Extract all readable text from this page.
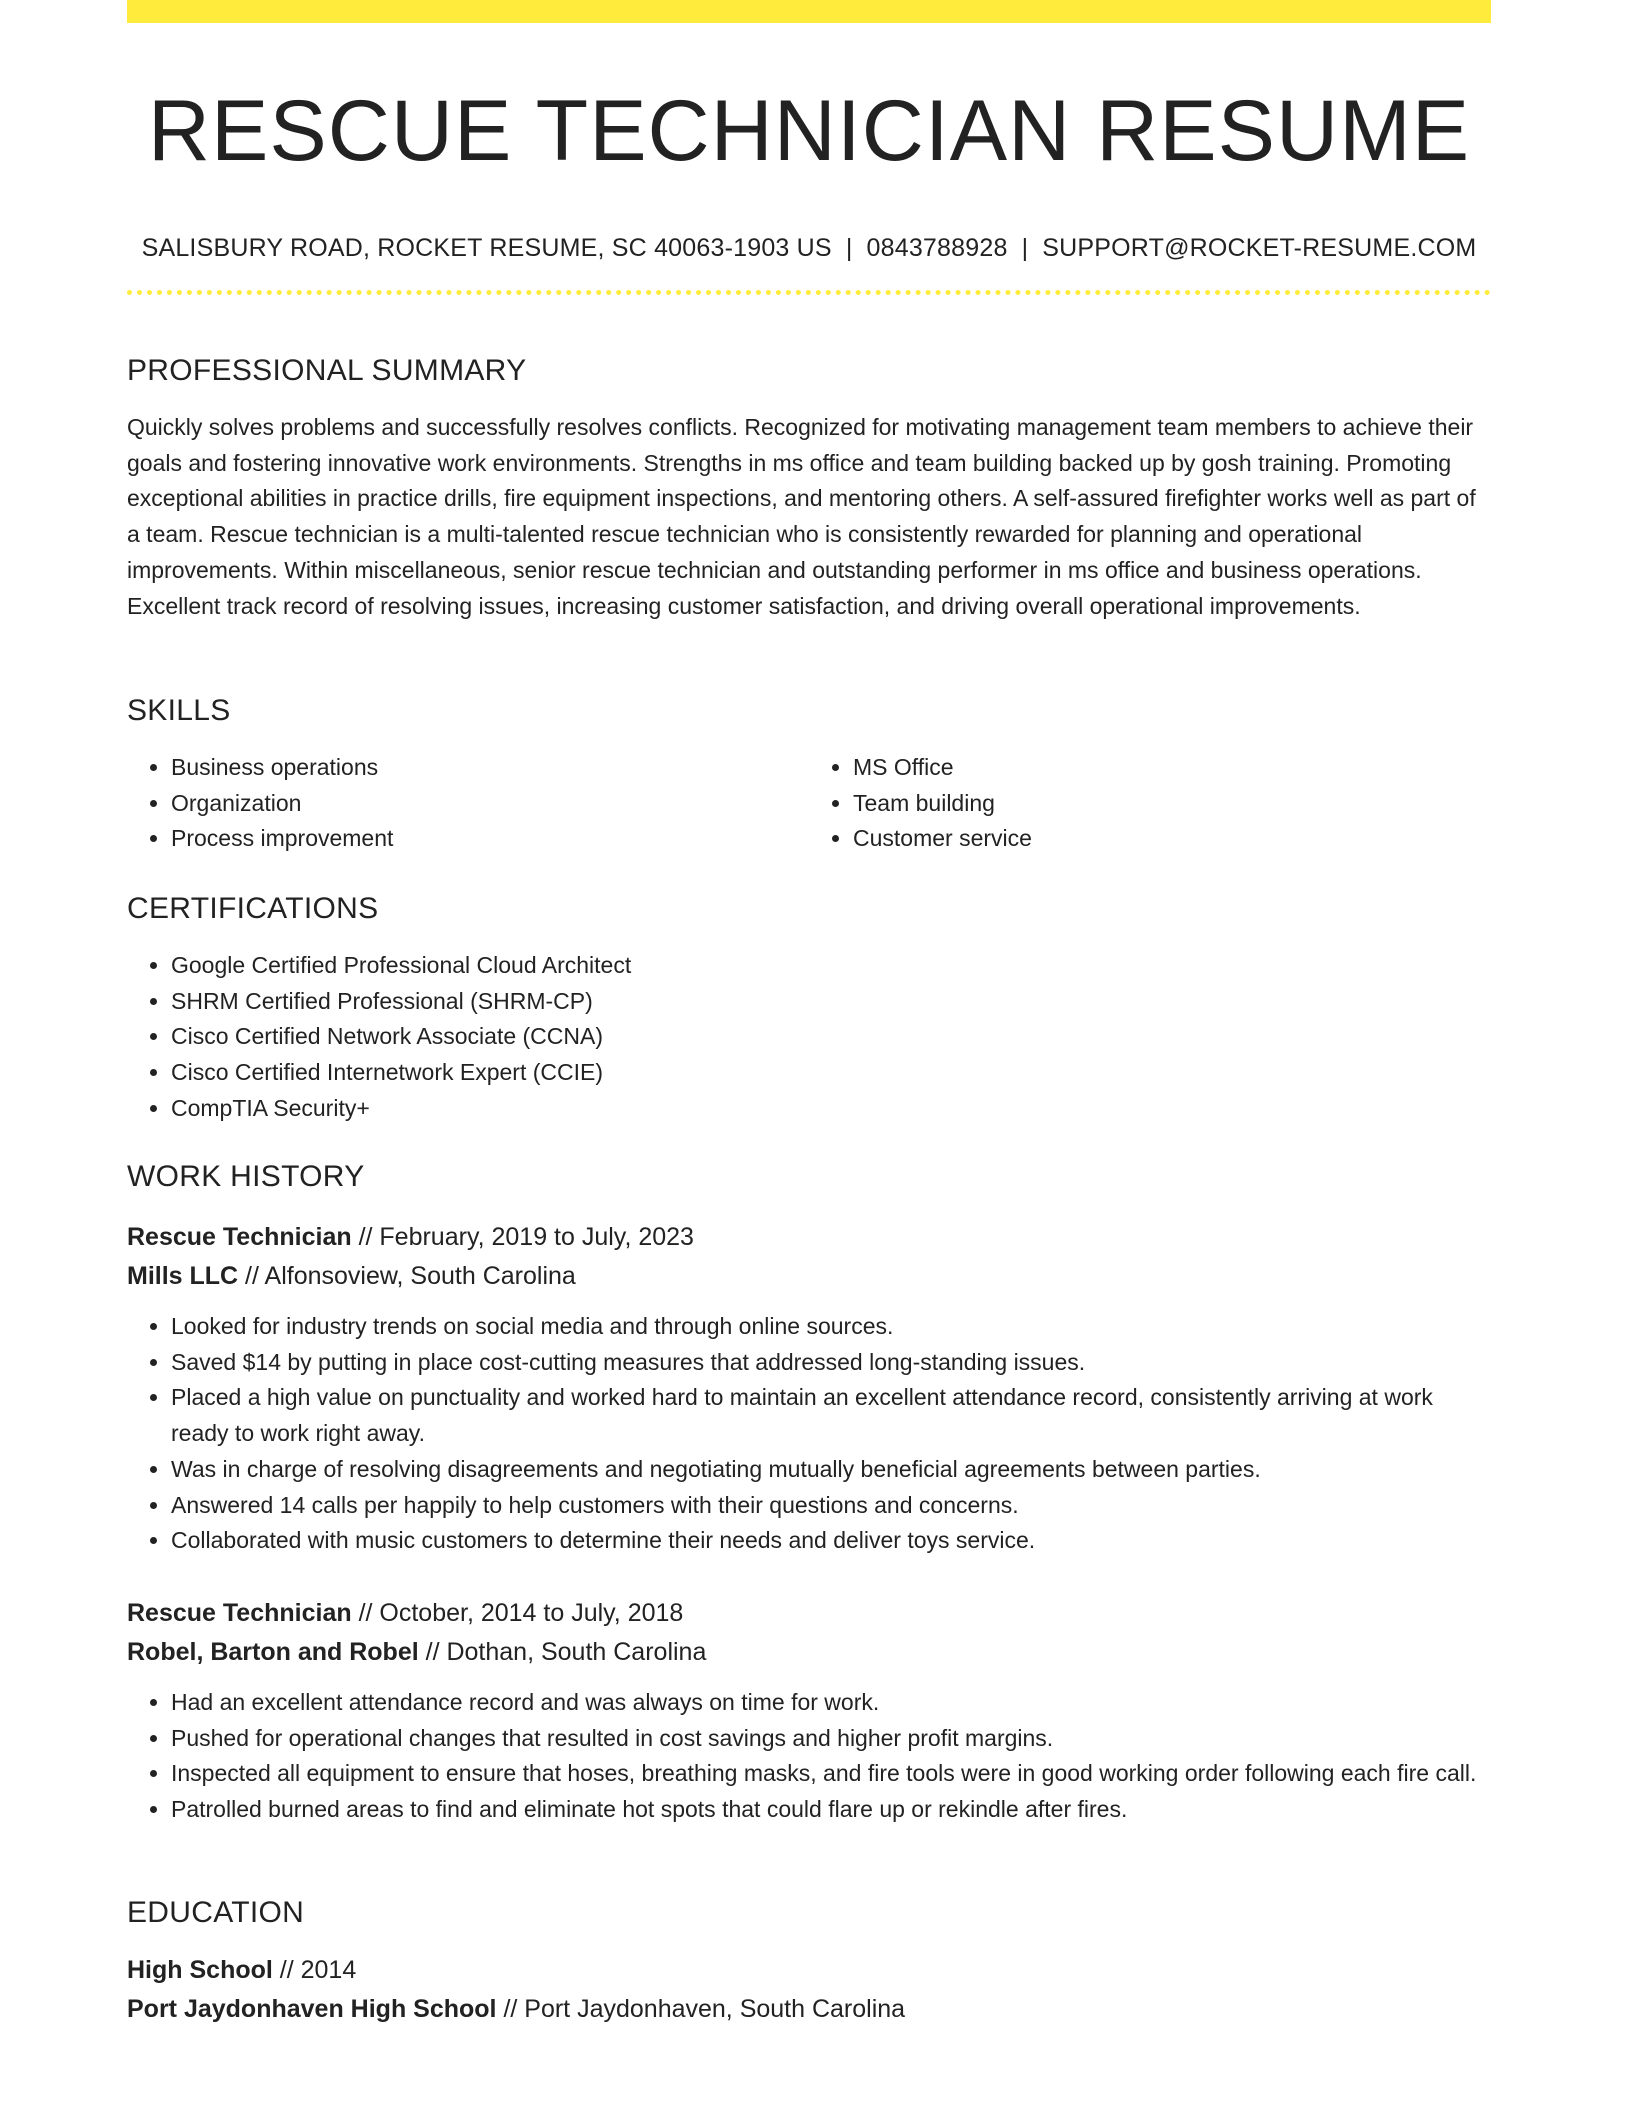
RESCUE TECHNICIAN RESUME
SALISBURY ROAD, ROCKET RESUME, SC 40063-1903 US | 0843788928 | SUPPORT@ROCKET-RESUME.COM
PROFESSIONAL SUMMARY

Quickly solves problems and successfully resolves conflicts. Recognized for motivating management team members to achieve their goals and fostering innovative work environments. Strengths in ms office and team building backed up by gosh training. Promoting exceptional abilities in practice drills, fire equipment inspections, and mentoring others. A self-assured firefighter works well as part of a team. Rescue technician is a multi-talented rescue technician who is consistently rewarded for planning and operational improvements. Within miscellaneous, senior rescue technician and outstanding performer in ms office and business operations. Excellent track record of resolving issues, increasing customer satisfaction, and driving overall operational improvements.

SKILLS
• Business operations
• Organization
• Process improvement
• MS Office
• Team building
• Customer service
CERTIFICATIONS
• Google Certified Professional Cloud Architect
• SHRM Certified Professional (SHRM-CP)
• Cisco Certified Network Associate (CCNA)
• Cisco Certified Internetwork Expert (CCIE)
• CompTIA Security+
WORK HISTORY

Rescue Technician // February, 2019 to July, 2023

Mills LLC // Alfonsoview, South Carolina

• Looked for industry trends on social media and through online sources.
• Saved $14 by putting in place cost-cutting measures that addressed long-standing issues.
• Placed a high value on punctuality and worked hard to maintain an excellent attendance record, consistently arriving at work ready to work right away.
• Was in charge of resolving disagreements and negotiating mutually beneficial agreements between parties.
• Answered 14 calls per happily to help customers with their questions and concerns.
• Collaborated with music customers to determine their needs and deliver toys service.

Rescue Technician // October, 2014 to July, 2018

Robel, Barton and Robel // Dothan, South Carolina

• Had an excellent attendance record and was always on time for work.
• Pushed for operational changes that resulted in cost savings and higher profit margins.
• Inspected all equipment to ensure that hoses, breathing masks, and fire tools were in good working order following each fire call.
• Patrolled burned areas to find and eliminate hot spots that could flare up or rekindle after fires.
EDUCATION

High School // 2014

Port Jaydonhaven High School // Port Jaydonhaven, South Carolina
